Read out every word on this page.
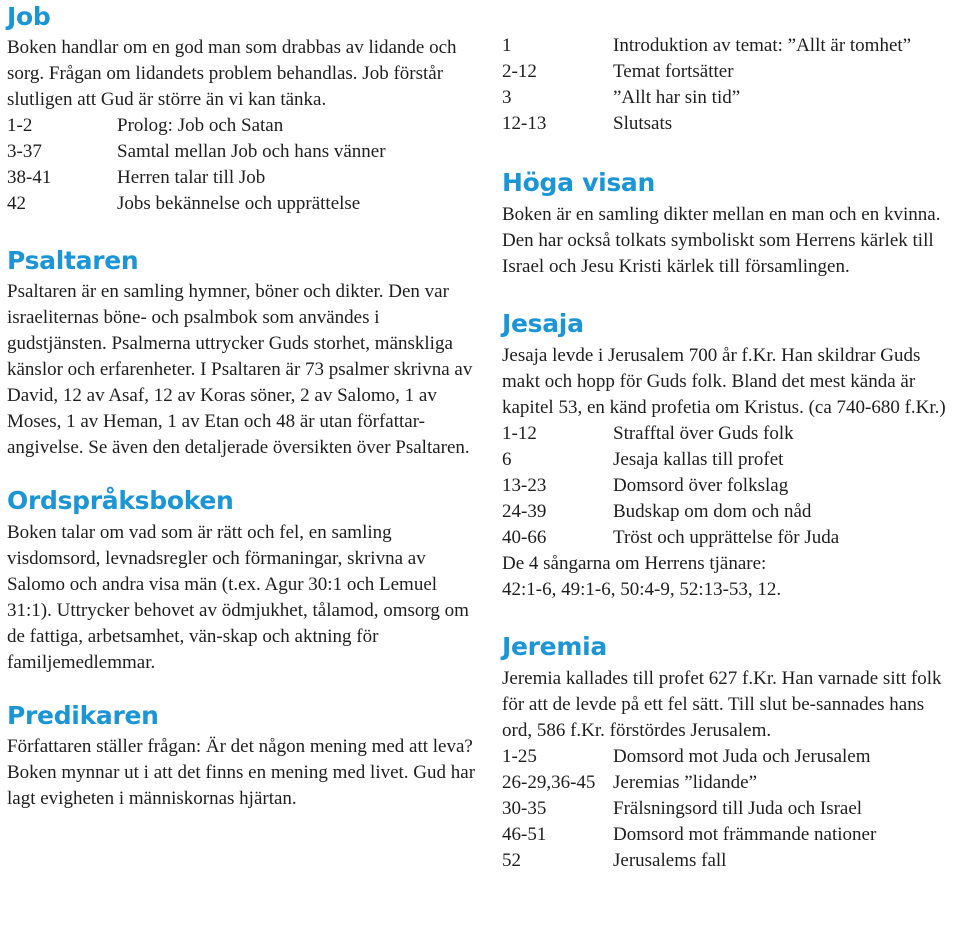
Job

Boken handlar om en god man som drabbas av lidande och sorg. Frågan om lidandets problem behandlas. Job förstår slutligen att Gud är större än vi kan tänka.

1-2	Prolog: Job och Satan
3-37	Samtal mellan Job och hans vänner
38-41	Herren talar till Job
42	Jobs bekännelse och upprättelse
Psaltaren

Psaltaren är en samling hymner, böner och dikter. Den var israeliternas böne- och psalmbok som användes i gudstjänsten. Psalmerna uttrycker Guds storhet, mänskliga känslor och erfarenheter. I Psaltaren är 73 psalmer skrivna av David, 12 av Asaf, 12 av Koras söner, 2 av Salomo, 1 av Moses, 1 av Heman, 1 av Etan och 48 är utan författar-angivelse. Se även den detaljerade översikten över Psaltaren.

Ordspråksboken

Boken talar om vad som är rätt och fel, en samling visdomsord, levnadsregler och förmaningar, skrivna av Salomo och andra visa män (t.ex. Agur 30:1 och Lemuel 31:1). Uttrycker behovet av ödmjukhet, tålamod, omsorg om de fattiga, arbetsamhet, vän-skap och aktning för familjemedlemmar.

Predikaren

Författaren ställer frågan: Är det någon mening med att leva? Boken mynnar ut i att det finns en mening med livet. Gud har lagt evigheten i människornas hjärtan.

1	Introduktion av temat: ”Allt är tomhet”
2-12	Temat fortsätter
3	”Allt har sin tid”
12-13	Slutsats
Höga visan

Boken är en samling dikter mellan en man och en kvinna. Den har också tolkats symboliskt som Herrens kärlek till Israel och Jesu Kristi kärlek till församlingen.

Jesaja

Jesaja levde i Jerusalem 700 år f.Kr. Han skildrar Guds makt och hopp för Guds folk. Bland det mest kända är kapitel 53, en känd profetia om Kristus. (ca 740-680 f.Kr.)

1-12	Strafftal över Guds folk
6	Jesaja kallas till profet
13-23	Domsord över folkslag
24-39	Budskap om dom och nåd
40-66	Tröst och upprättelse för Juda

De 4 sångarna om Herrens tjänare:

42:1-6, 49:1-6, 50:4-9, 52:13-53, 12.

Jeremia

Jeremia kallades till profet 627 f.Kr. Han varnade sitt folk för att de levde på ett fel sätt. Till slut be-sannades hans ord, 586 f.Kr. förstördes Jerusalem.

1-25	Domsord mot Juda och Jerusalem
26-29,36-45 Jeremias ”lidande”
30-35	Frälsningsord till Juda och Israel
46-51	Domsord mot främmande nationer
52	Jerusalems fall
